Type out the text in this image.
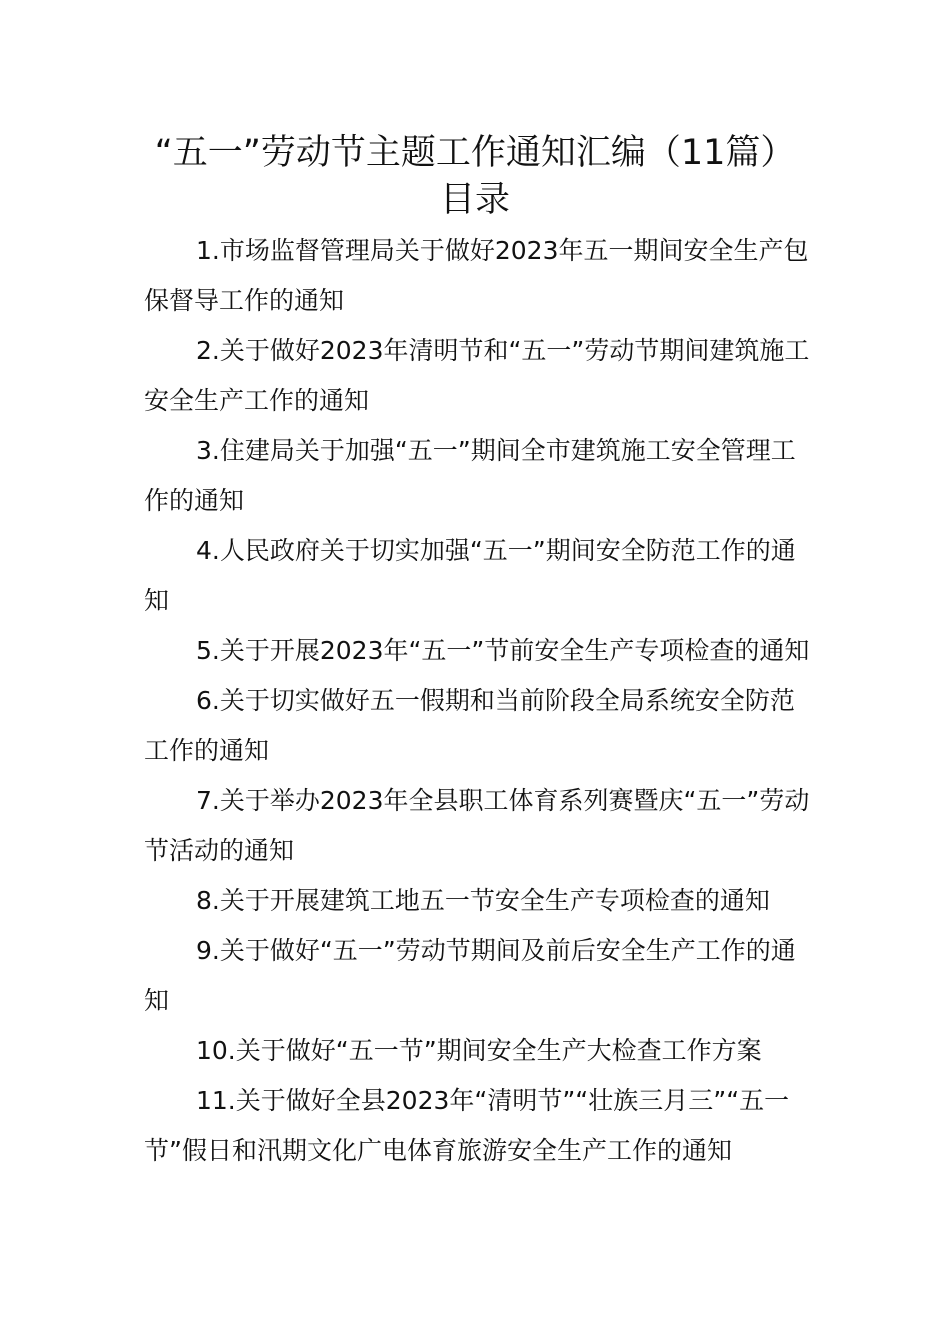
“五一”劳动节主题工作通知汇编（11篇）
目录
1.市场监督管理局关于做好2023年五一期间安全生产包保督导工作的通知
2.关于做好2023年清明节和“五一”劳动节期间建筑施工安全生产工作的通知
3.住建局关于加强“五一”期间全市建筑施工安全管理工作的通知
4.人民政府关于切实加强“五一”期间安全防范工作的通知
5.关于开展2023年“五一”节前安全生产专项检查的通知
6.关于切实做好五一假期和当前阶段全局系统安全防范工作的通知
7.关于举办2023年全县职工体育系列赛暨庆“五一”劳动节活动的通知
8.关于开展建筑工地五一节安全生产专项检查的通知
9.关于做好“五一”劳动节期间及前后安全生产工作的通知
10.关于做好“五一节”期间安全生产大检查工作方案
11.关于做好全县2023年“清明节”“壮族三月三”“五一节”假日和汛期文化广电体育旅游安全生产工作的通知
